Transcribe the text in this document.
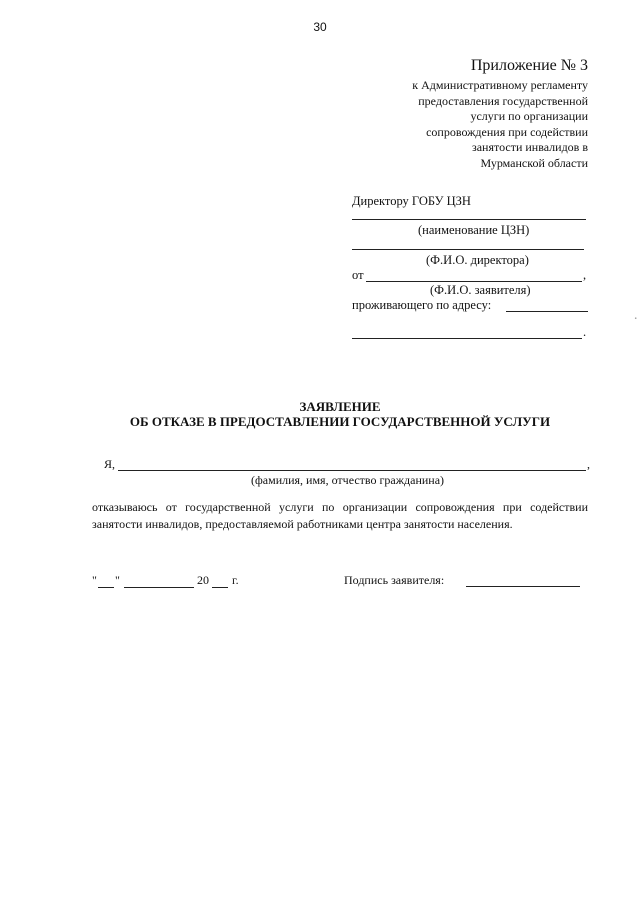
30
Приложение № 3
к Административному регламенту
предоставления государственной
услуги по организации
сопровождения при содействии
занятости инвалидов в
Мурманской области
Директору ГОБУ ЦЗН
(наименование ЦЗН)
(Ф.И.О. директора)
от	,
(Ф.И.О. заявителя)
проживающего по адресу:
.
·
ЗАЯВЛЕНИЕ
ОБ ОТКАЗЕ В ПРЕДОСТАВЛЕНИИ ГОСУДАРСТВЕННОЙ УСЛУГИ
Я,	,
(фамилия, имя, отчество гражданина)
отказываюсь от государственной услуги по организации сопровождения при содействии занятости инвалидов, предоставляемой работниками центра занятости населения.
" "	20 г.	Подпись заявителя:
